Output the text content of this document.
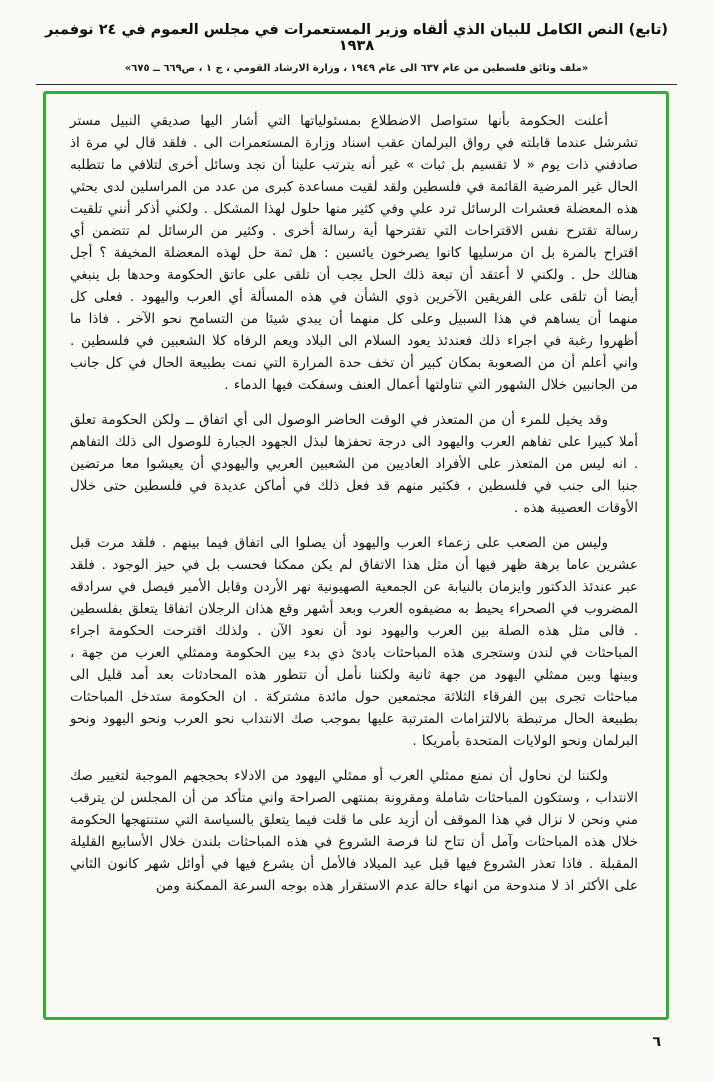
(تابع) النص الكامل للبيان الذي ألقاه وزير المستعمرات في مجلس العموم في ٢٤ نوفمبر ١٩٣٨
«ملف وثائق فلسطين من عام ٦٣٧ الى عام ١٩٤٩ ، وزارة الارشاد القومي ، ج ١ ، ص٦٦٩ ــ ٦٧٥»

أعلنت الحكومة بأنها ستواصل الاضطلاع بمسئولياتها التي أشار اليها صديقي النبيل مستر تشرشل عندما قابلته في رواق البرلمان عقب اسناد وزارة المستعمرات الى . فلقد قال لي مرة اذ صادفني ذات يوم « لا تقسيم بل ثبات » غير أنه يترتب علينا أن نجد وسائل أخرى لتلافي ما تتطلبه الحال غير المرضية القائمة في فلسطين ولقد لقيت مساعدة كبرى من عدد من المراسلين لدى بحثي هذه المعضلة فعشرات الرسائل ترد علي وفي كثير منها حلول لهذا المشكل . ولكني أذكر أنني تلقيت رسالة تقترح نفس الاقتراحات التي تقترحها أية رسالة أخرى . وكثير من الرسائل لم تتضمن أي اقتراح بالمرة بل ان مرسليها كانوا يصرخون يائسين : هل ثمة حل لهذه المعضلة المخيفة ؟ أجل هنالك حل . ولكني لا أعتقد أن تبعة ذلك الحل يجب أن تلقى على عاتق الحكومة وحدها بل ينبغي أيضا أن تلقى على الفريقين الآخرين ذوي الشأن في هذه المسألة أي العرب واليهود . فعلى كل منهما أن يساهم في هذا السبيل وعلى كل منهما أن يبدي شيئا من التسامح نحو الآخر . فاذا ما أظهروا رغبة في اجراء ذلك فعندئذ يعود السلام الى البلاد ويعم الرفاه كلا الشعبين في فلسطين . واني أعلم أن من الصعوبة بمكان كبير أن تخف حدة المرارة التي نمت بطبيعة الحال في كل جانب من الجانبين خلال الشهور التي تناولتها أعمال العنف وسفكت فيها الدماء .

وقد يخيل للمرء أن من المتعذر في الوقت الحاضر الوصول الى أي اتفاق ــ ولكن الحكومة تعلق أملا كبيرا على تفاهم العرب واليهود الى درجة تحفزها لبذل الجهود الجبارة للوصول الى ذلك التفاهم . انه ليس من المتعذر على الأفراد العاديين من الشعبين العربي واليهودي أن يعيشوا معا مرتضين جنبا الى جنب في فلسطين ، فكثير منهم قد فعل ذلك في أماكن عديدة في فلسطين حتى خلال الأوقات العصيبة هذه .

وليس من الصعب على زعماء العرب واليهود أن يصلوا الى اتفاق فيما بينهم . فلقد مرت قبل عشرين عاما برهة ظهر فيها أن مثل هذا الاتفاق لم يكن ممكنا فحسب بل في حيز الوجود . فلقد عبر عندئذ الدكتور وايزمان بالنيابة عن الجمعية الصهيونية نهر الأردن وقابل الأمير فيصل في سرادقه المضروب في الصحراء يحيط به مضيفوه العرب وبعد أشهر وقع هذان الرجلان اتفاقا يتعلق بفلسطين . فالى مثل هذه الصلة بين العرب واليهود نود أن نعود الآن . ولذلك اقترحت الحكومة اجراء المباحثات في لندن وستجرى هذه المباحثات بادئ ذي بدء بين الحكومة وممثلي العرب من جهة ، وبينها وبين ممثلي اليهود من جهة ثانية ولكننا نأمل أن تتطور هذه المحادثات بعد أمد قليل الى مباحثات تجرى بين الفرقاء الثلاثة مجتمعين حول مائدة مشتركة . ان الحكومة ستدخل المباحثات بطبيعة الحال مرتبطة بالالتزامات المترتبة عليها بموجب صك الانتداب نحو العرب ونحو اليهود ونحو البرلمان ونحو الولايات المتحدة بأمريكا .

ولكننا لن نحاول أن نمنع ممثلي العرب أو ممثلي اليهود من الادلاء بحججهم الموجبة لتغيير صك الانتداب ، وستكون المباحثات شاملة ومقرونة بمنتهى الصراحة واني متأكد من أن المجلس لن يترقب مني ونحن لا نزال في هذا الموقف أن أزيد على ما قلت فيما يتعلق بالسياسة التي ستنتهجها الحكومة خلال هذه المباحثات وآمل أن تتاح لنا فرصة الشروع في هذه المباحثات بلندن خلال الأسابيع القليلة المقبلة . فاذا تعذر الشروع فيها قبل عيد الميلاد فالأمل أن يشرع فيها في أوائل شهر كانون الثاني على الأكثر اذ لا مندوحة من انهاء حالة عدم الاستقرار هذه بوجه السرعة الممكنة ومن

٦
